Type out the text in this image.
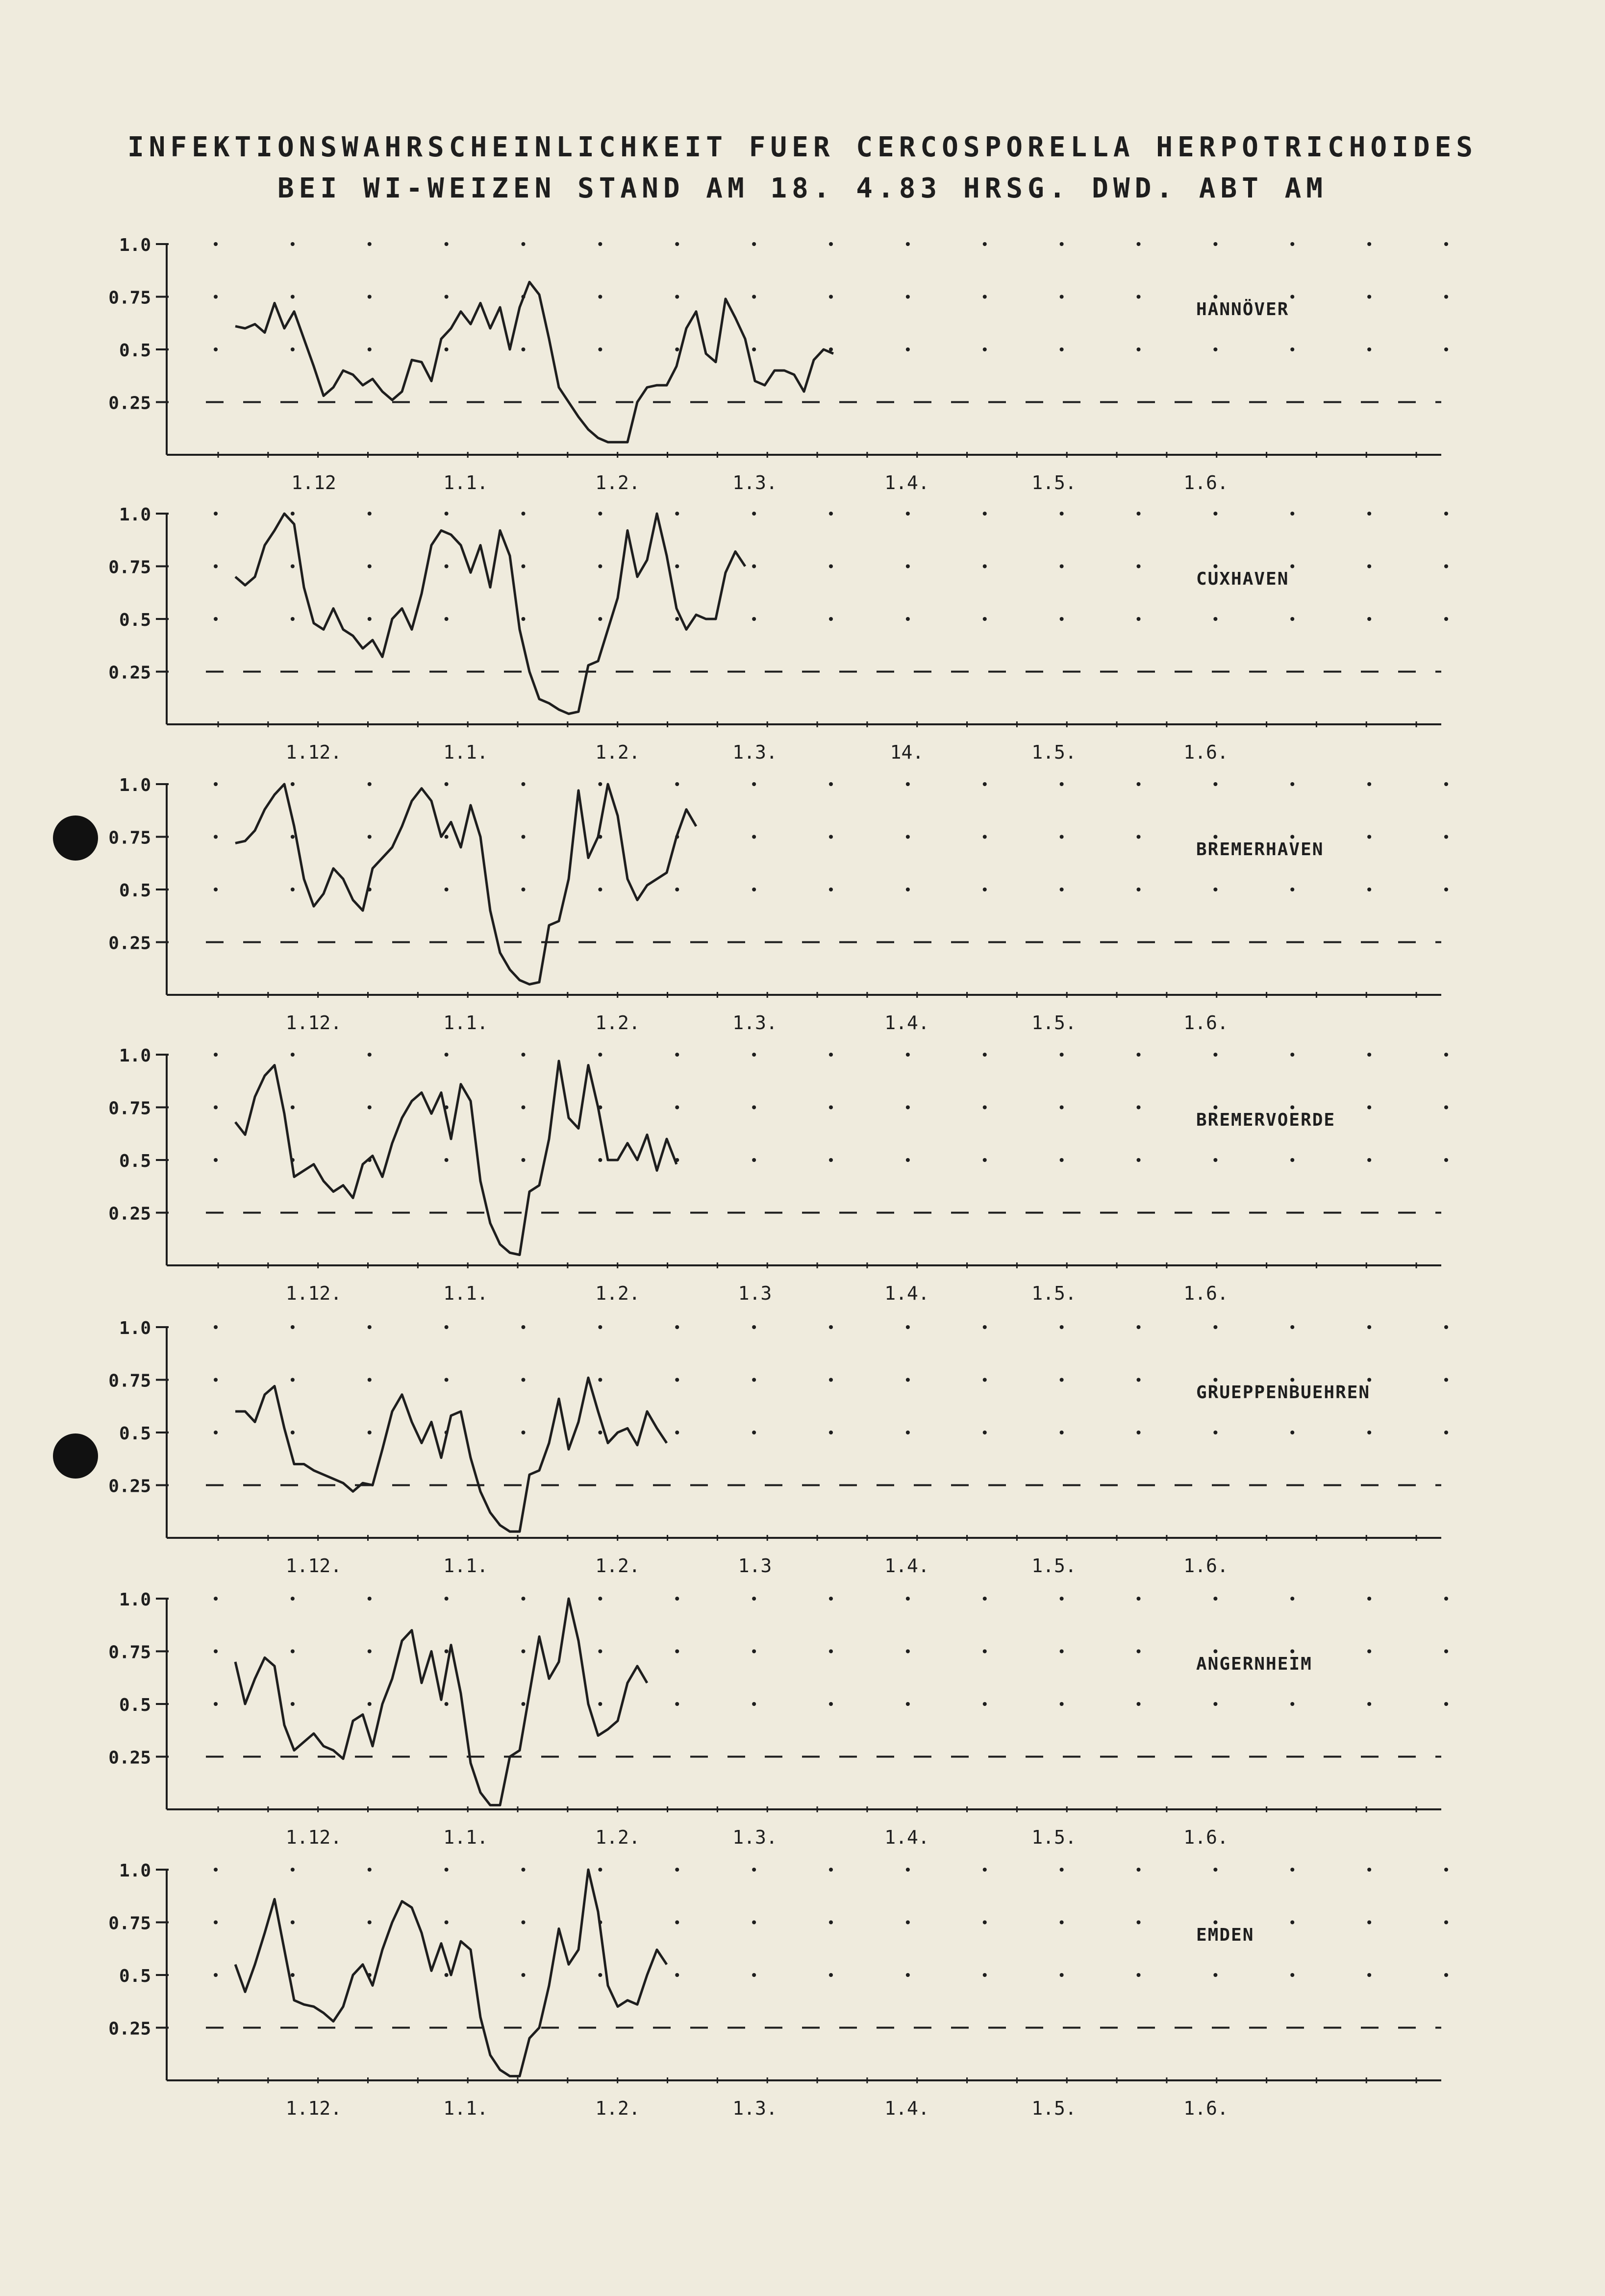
INFEKTIONSWAHRSCHEINLICHKEIT FUER CERCOSPORELLA HERPOTRICHOIDES
BEI WI-WEIZEN STAND AM 18. 4.83 HRSG. DWD. ABT AM
1.0
0.75
0.5
0.25
1.12	1.1.	1.2.	1.3.	1.4.	1.5.	1.6.
HANNÖVER
1.0
0.75
0.5
0.25
1.12.	1.1.	1.2.	1.3.	14.	1.5.	1.6.
CUXHAVEN
1.0
0.75
0.5
0.25
1.12.	1.1.	1.2.	1.3.	1.4.	1.5.	1.6.
BREMERHAVEN
1.0
0.75
0.5
0.25
1.12.	1.1.	1.2.	1.3	1.4.	1.5.	1.6.
BREMERVOERDE
1.0
0.75
0.5
0.25
1.12.	1.1.	1.2.	1.3	1.4.	1.5.	1.6.
GRUEPPENBUEHREN
1.0
0.75
0.5
0.25
1.12.	1.1.	1.2.	1.3.	1.4.	1.5.	1.6.
ANGERNHEIM
1.0
0.75
0.5
0.25
1.12.	1.1.	1.2.	1.3.	1.4.	1.5.	1.6.
EMDEN
